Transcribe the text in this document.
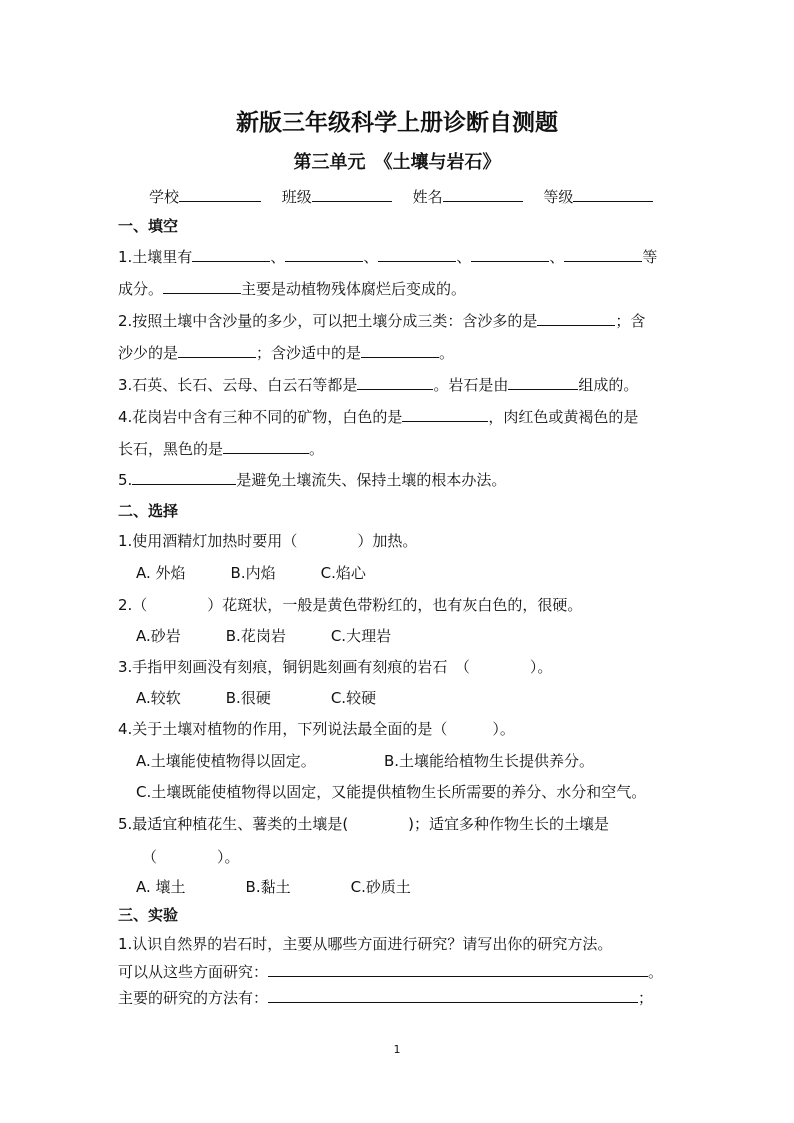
新版三年级科学上册诊断自测题
第三单元　《土壤与岩石》
学校	班级	姓名	等级
一、填空
1.土壤里有	、	、	、	、	等
成分。	主要是动植物残体腐烂后变成的。
2.按照土壤中含沙量的多少，可以把土壤分成三类：含沙多的是	；含
沙少的是	；含沙适中的是	。
3.石英、长石、云母、白云石等都是	。岩石是由	组成的。
4.花岗岩中含有三种不同的矿物，白色的是	，肉红色或黄褐色的是
长石，黑色的是	。
5.	是避免土壤流失、保持土壤的根本办法。
二、选择
1.使用酒精灯加热时要用（　　　　）加热。
A. 外焰　　　B.内焰　　　C.焰心
2.（　　　　）花斑状，一般是黄色带粉红的，也有灰白色的，很硬。
A.砂岩　　　B.花岗岩　　　C.大理岩
3.手指甲刻画没有刻痕，铜钥匙刻画有刻痕的岩石　（　　　　）。
A.较软　　　B.很硬　　　　C.较硬
4.关于土壤对植物的作用，下列说法最全面的是（　　　）。
A.土壤能使植物得以固定。	B.土壤能给植物生长提供养分。
C.土壤既能使植物得以固定，又能提供植物生长所需要的养分、水分和空气。
5.最适宜种植花生、薯类的土壤是(　　　　)；适宜多种作物生长的土壤是
（　　　　）。
A. 壤土　　　　B.黏土　　　　C.砂质土
三、实验
1.认识自然界的岩石时，主要从哪些方面进行研究？请写出你的研究方法。
可以从这些方面研究：	。
主要的研究的方法有：	；
1
